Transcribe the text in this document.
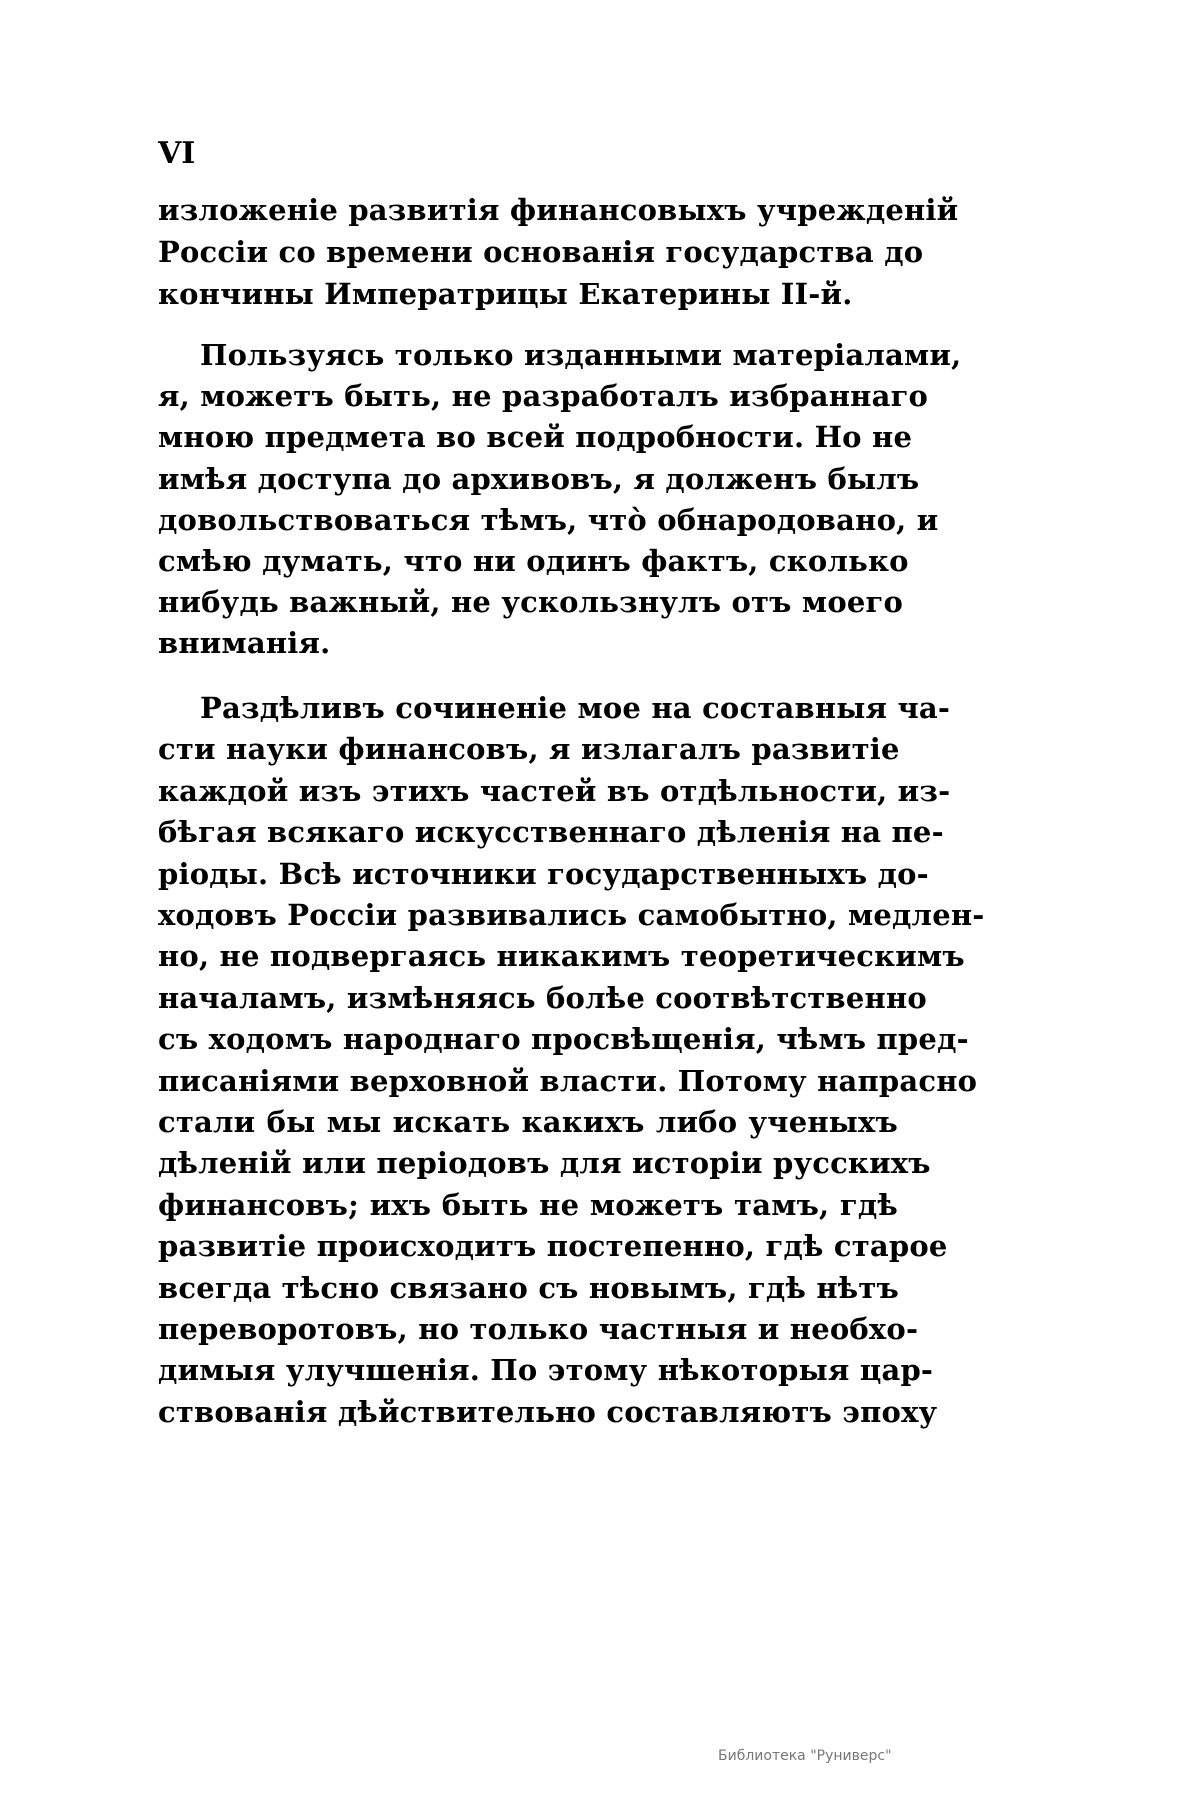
VI
изложеніе развитія финансовыхъ учрежденій
Россіи со времени основанія государства до
кончины Императрицы Екатерины II-й.
Пользуясь только изданными матеріалами,
я, можетъ быть, не разработалъ избраннаго
мною предмета во всей подробности. Но не
имѣя доступа до архивовъ, я долженъ былъ
довольствоваться тѣмъ, что̀ обнародовано, и
смѣю думать, что ни одинъ фактъ, сколько
нибудь важный, не ускользнулъ отъ моего
вниманія.
Раздѣливъ сочиненіе мое на составныя ча-
сти науки финансовъ, я излагалъ развитіе
каждой изъ этихъ частей въ отдѣльности, из-
бѣгая всякаго искусственнаго дѣленія на пе-
ріоды. Всѣ источники государственныхъ до-
ходовъ Россіи развивались самобытно, медлен-
но, не подвергаясь никакимъ теоретическимъ
началамъ, измѣняясь болѣе соотвѣтственно
съ ходомъ народнаго просвѣщенія, чѣмъ пред-
писаніями верховной власти. Потому напрасно
стали бы мы искать какихъ либо ученыхъ
дѣленій или періодовъ для исторіи русскихъ
финансовъ; ихъ быть не можетъ тамъ, гдѣ
развитіе происходитъ постепенно, гдѣ старое
всегда тѣсно связано съ новымъ, гдѣ нѣтъ
переворотовъ, но только частныя и необхо-
димыя улучшенія. По этому нѣкоторыя цар-
ствованія дѣйствительно составляютъ эпоху
Библиотека "Руниверс"
